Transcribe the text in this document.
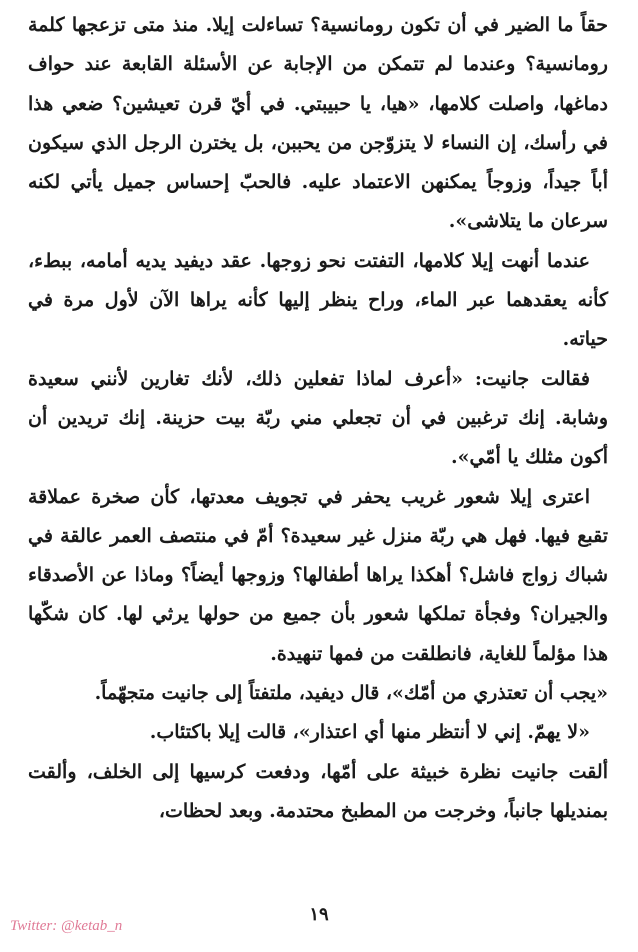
حقاً ما الضير في أن تكون رومانسية؟ تساءلت إيلا. منذ متى تزعجها كلمة رومانسية؟ وعندما لم تتمكن من الإجابة عن الأسئلة القابعة عند حواف دماغها، واصلت كلامها، «هيا، يا حبيبتي. في أيّ قرن تعيشين؟ ضعي هذا في رأسك، إن النساء لا يتزوّجن من يحببن، بل يخترن الرجل الذي سيكون أباً جيداً، وزوجاً يمكنهن الاعتماد عليه. فالحبّ إحساس جميل يأتي لكنه سرعان ما يتلاشى».

عندما أنهت إيلا كلامها، التفتت نحو زوجها. عقد ديفيد يديه أمامه، ببطء، كأنه يعقدهما عبر الماء، وراح ينظر إليها كأنه يراها الآن لأول مرة في حياته.

فقالت جانيت: «أعرف لماذا تفعلين ذلك، لأنك تغارين لأنني سعيدة وشابة. إنك ترغبين في أن تجعلي مني ربّة بيت حزينة. إنك تريدين أن أكون مثلك يا أمّي».

اعترى إيلا شعور غريب يحفر في تجويف معدتها، كأن صخرة عملاقة تقبع فيها. فهل هي ربّة منزل غير سعيدة؟ أمّ في منتصف العمر عالقة في شباك زواج فاشل؟ أهكذا يراها أطفالها؟ وزوجها أيضاً؟ وماذا عن الأصدقاء والجيران؟ وفجأة تملكها شعور بأن جميع من حولها يرثي لها. كان شكّها هذا مؤلماً للغاية، فانطلقت من فمها تنهيدة.

«يجب أن تعتذري من أمّك»، قال ديفيد، ملتفتاً إلى جانيت متجهّماً.

«لا يهمّ. إني لا أنتظر منها أي اعتذار»، قالت إيلا باكتئاب.

ألقت جانيت نظرة خبيثة على أمّها، ودفعت كرسيها إلى الخلف، وألقت بمنديلها جانباً، وخرجت من المطبخ محتدمة. وبعد لحظات،

١٩
Twitter: @ketab_n
